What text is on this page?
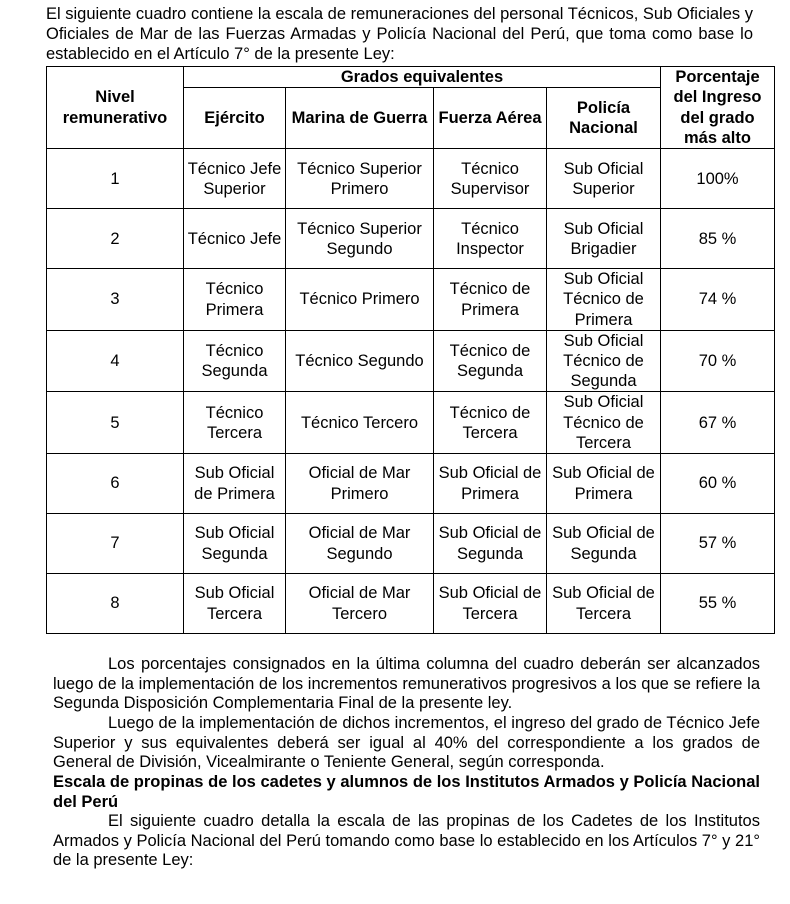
El siguiente cuadro contiene la escala de remuneraciones del personal Técnicos, Sub Oficiales y Oficiales de Mar de las Fuerzas Armadas y Policía Nacional del Perú, que toma como base lo establecido en el Artículo 7° de la presente Ley:

Nivel remunerativo	Grados equivalentes				Porcentaje del Ingreso del grado más alto
	Ejército	Marina de Guerra	Fuerza Aérea	Policía Nacional	
1	Técnico Jefe Superior	Técnico Superior Primero	Técnico Supervisor	Sub Oficial Superior	100%
2	Técnico Jefe	Técnico Superior Segundo	Técnico Inspector	Sub Oficial Brigadier	85 %
3	Técnico Primera	Técnico Primero	Técnico de Primera	Sub Oficial Técnico de Primera	74 %
4	Técnico Segunda	Técnico Segundo	Técnico de Segunda	Sub Oficial Técnico de Segunda	70 %
5	Técnico Tercera	Técnico Tercero	Técnico de Tercera	Sub Oficial Técnico de Tercera	67 %
6	Sub Oficial de Primera	Oficial de Mar Primero	Sub Oficial de Primera	Sub Oficial de Primera	60 %
7	Sub Oficial Segunda	Oficial de Mar Segundo	Sub Oficial de Segunda	Sub Oficial de Segunda	57 %
8	Sub Oficial Tercera	Oficial de Mar Tercero	Sub Oficial de Tercera	Sub Oficial de Tercera	55 %

Los porcentajes consignados en la última columna del cuadro deberán ser alcanzados luego de la implementación de los incrementos remunerativos progresivos a los que se refiere la Segunda Disposición Complementaria Final de la presente ley.

Luego de la implementación de dichos incrementos, el ingreso del grado de Técnico Jefe Superior y sus equivalentes deberá ser igual al 40% del correspondiente a los grados de General de División, Vicealmirante o Teniente General, según corresponda.

Escala de propinas de los cadetes y alumnos de los Institutos Armados y Policía Nacional del Perú

El siguiente cuadro detalla la escala de las propinas de los Cadetes de los Institutos Armados y Policía Nacional del Perú tomando como base lo establecido en los Artículos 7° y 21° de la presente Ley:
